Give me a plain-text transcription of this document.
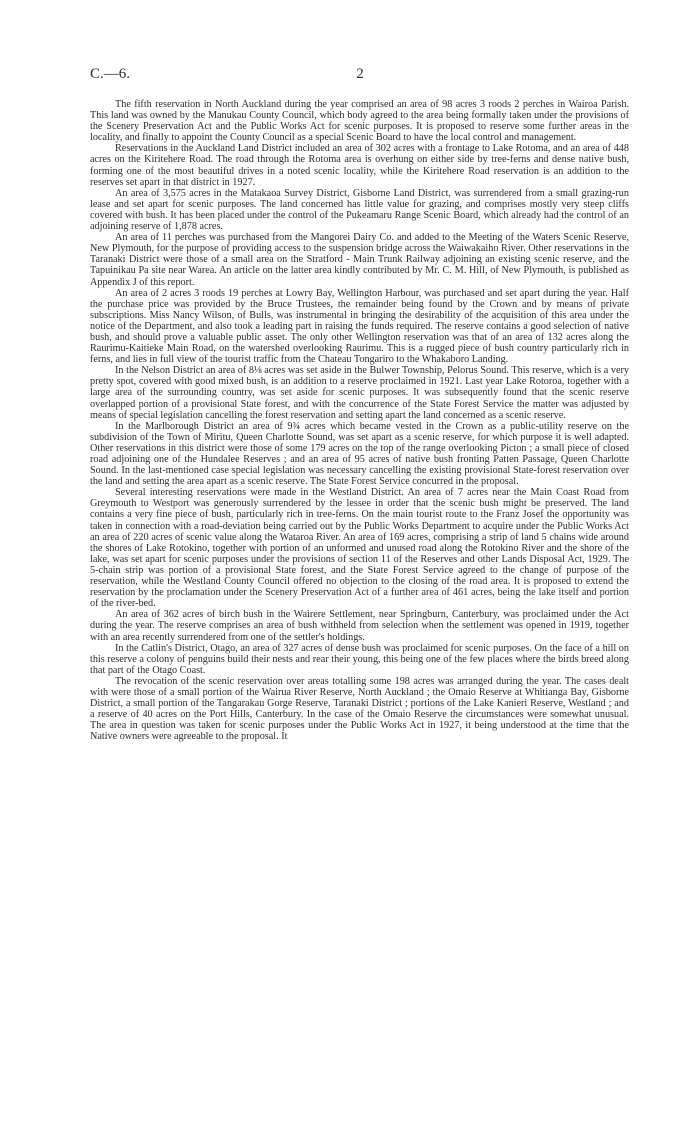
C.—6.	2

The fifth reservation in North Auckland during the year comprised an area of 98 acres 3 roods 2 perches in Wairoa Parish. This land was owned by the Manukau County Council, which body agreed to the area being formally taken under the provisions of the Scenery Preservation Act and the Public Works Act for scenic purposes. It is proposed to reserve some further areas in the locality, and finally to appoint the County Council as a special Scenic Board to have the local control and management.

Reservations in the Auckland Land District included an area of 302 acres with a frontage to Lake Rotoma, and an area of 448 acres on the Kiritehere Road. The road through the Rotoma area is overhung on either side by tree-ferns and dense native bush, forming one of the most beautiful drives in a noted scenic locality, while the Kiritehere Road reservation is an addition to the reserves set apart in that district in 1927.

An area of 3,575 acres in the Matakaoa Survey District, Gisborne Land District, was surrendered from a small grazing-run lease and set apart for scenic purposes. The land concerned has little value for grazing, and comprises mostly very steep cliffs covered with bush. It has been placed under the control of the Pukeamaru Range Scenic Board, which already had the control of an adjoining reserve of 1,878 acres.

An area of 11 perches was purchased from the Mangorei Dairy Co. and added to the Meeting of the Waters Scenic Reserve, New Plymouth, for the purpose of providing access to the suspension bridge across the Waiwakaiho River. Other reservations in the Taranaki District were those of a small area on the Stratford - Main Trunk Railway adjoining an existing scenic reserve, and the Tapuinikau Pa site near Warea. An article on the latter area kindly contributed by Mr. C. M. Hill, of New Plymouth, is published as Appendix J of this report.

An area of 2 acres 3 roods 19 perches at Lowry Bay, Wellington Harbour, was purchased and set apart during the year. Half the purchase price was provided by the Bruce Trustees, the remainder being found by the Crown and by means of private subscriptions. Miss Nancy Wilson, of Bulls, was instrumental in bringing the desirability of the acquisition of this area under the notice of the Department, and also took a leading part in raising the funds required. The reserve contains a good selection of native bush, and should prove a valuable public asset. The only other Wellington reservation was that of an area of 132 acres along the Raurimu-Kaitieke Main Road, on the watershed overlooking Raurimu. This is a rugged piece of bush country particularly rich in ferns, and lies in full view of the tourist traffic from the Chateau Tongariro to the Whakaboro Landing.

In the Nelson District an area of 8⅛ acres was set aside in the Bulwer Township, Pelorus Sound. This reserve, which is a very pretty spot, covered with good mixed bush, is an addition to a reserve proclaimed in 1921. Last year Lake Rotoroa, together with a large area of the surrounding country, was set aside for scenic purposes. It was subsequently found that the scenic reserve overlapped portion of a provisional State forest, and with the concurrence of the State Forest Service the matter was adjusted by means of special legislation cancelling the forest reservation and setting apart the land concerned as a scenic reserve.

In the Marlborough District an area of 9¾ acres which became vested in the Crown as a public-utility reserve on the subdivision of the Town of Miritu, Queen Charlotte Sound, was set apart as a scenic reserve, for which purpose it is well adapted. Other reservations in this district were those of some 179 acres on the top of the range overlooking Picton ; a small piece of closed road adjoining one of the Hundalee Reserves ; and an area of 95 acres of native bush fronting Patten Passage, Queen Charlotte Sound. In the last-mentioned case special legislation was necessary cancelling the existing provisional State-forest reservation over the land and setting the area apart as a scenic reserve. The State Forest Service concurred in the proposal.

Several interesting reservations were made in the Westland District. An area of 7 acres near the Main Coast Road from Greymouth to Westport was generously surrendered by the lessee in order that the scenic bush might be preserved. The land contains a very fine piece of bush, particularly rich in tree-ferns. On the main tourist route to the Franz Josef the opportunity was taken in connection with a road-deviation being carried out by the Public Works Department to acquire under the Public Works Act an area of 220 acres of scenic value along the Wataroa River. An area of 169 acres, comprising a strip of land 5 chains wide around the shores of Lake Rotokino, together with portion of an unformed and unused road along the Rotokino River and the shore of the lake, was set apart for scenic purposes under the provisions of section 11 of the Reserves and other Lands Disposal Act, 1929. The 5-chain strip was portion of a provisional State forest, and the State Forest Service agreed to the change of purpose of the reservation, while the Westland County Council offered no objection to the closing of the road area. It is proposed to extend the reservation by the proclamation under the Scenery Preservation Act of a further area of 461 acres, being the lake itself and portion of the river-bed.

An area of 362 acres of birch bush in the Wairere Settlement, near Springburn, Canterbury, was proclaimed under the Act during the year. The reserve comprises an area of bush withheld from selection when the settlement was opened in 1919, together with an area recently surrendered from one of the settler's holdings.

In the Catlin's District, Otago, an area of 327 acres of dense bush was proclaimed for scenic purposes. On the face of a hill on this reserve a colony of penguins build their nests and rear their young, this being one of the few places where the birds breed along that part of the Otago Coast.

The revocation of the scenic reservation over areas totalling some 198 acres was arranged during the year. The cases dealt with were those of a small portion of the Wairua River Reserve, North Auckland ; the Omaio Reserve at Whitianga Bay, Gisborne District, a small portion of the Tangarakau Gorge Reserve, Taranaki District ; portions of the Lake Kanieri Reserve, Westland ; and a reserve of 40 acres on the Port Hills, Canterbury. In the case of the Omaio Reserve the circumstances were somewhat unusual. The area in question was taken for scenic purposes under the Public Works Act in 1927, it being understood at the time that the Native owners were agreeable to the proposal. It
